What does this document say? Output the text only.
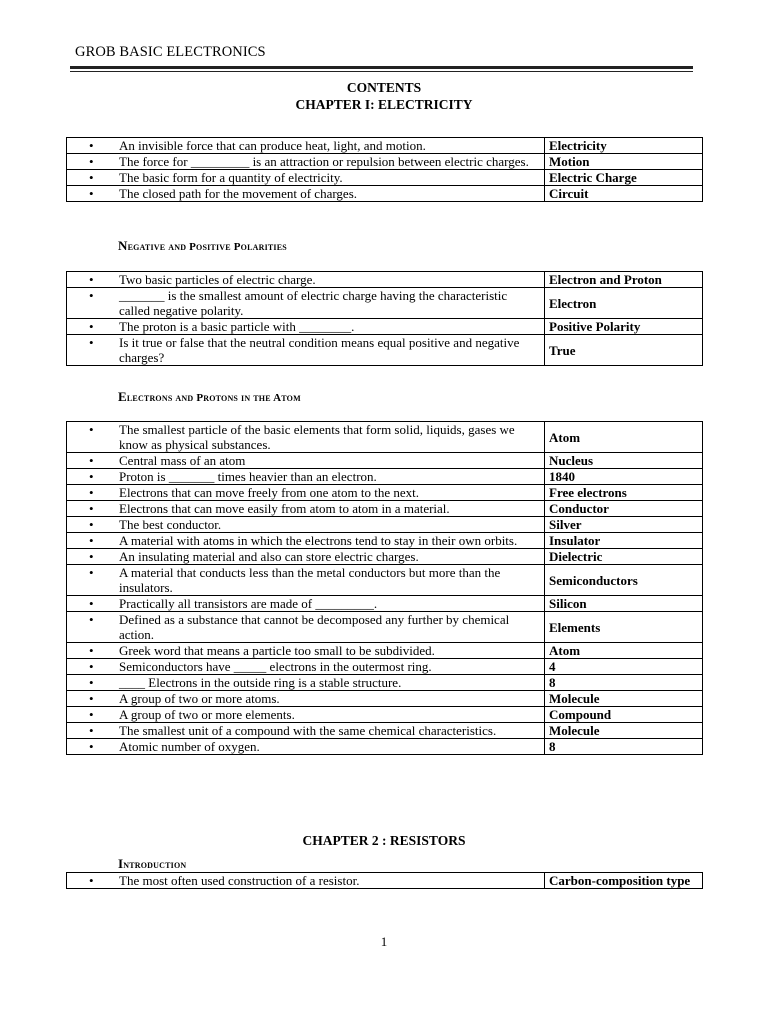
GROB BASIC ELECTRONICS
CONTENTS
CHAPTER I: ELECTRICITY
• An invisible force that can produce heat, light, and motion.	Electricity

• The force for _________ is an attraction or repulsion between electric charges.	Motion

• The basic form for a quantity of electricity.	Electric Charge

• The closed path for the movement of charges.	Circuit
Negative and Positive Polarities
• Two basic particles of electric charge.	Electron and Proton

• _______ is the smallest amount of electric charge having the characteristic called negative polarity.	Electron

• The proton is a basic particle with ________.	Positive Polarity

• Is it true or false that the neutral condition means equal positive and negative charges?	True
Electrons and Protons in the Atom
• The smallest particle of the basic elements that form solid, liquids, gases we know as physical substances.	Atom

• Central mass of an atom	Nucleus

• Proton is _______ times heavier than an electron.	1840

• Electrons that can move freely from one atom to the next.	Free electrons

• Electrons that can move easily from atom to atom in a material.	Conductor

• The best conductor.	Silver

• A material with atoms in which the electrons tend to stay in their own orbits.	Insulator

• An insulating material and also can store electric charges.	Dielectric

• A material that conducts less than the metal conductors but more than the insulators.	Semiconductors

• Practically all transistors are made of _________.	Silicon

• Defined as a substance that cannot be decomposed any further by chemical action.	Elements

• Greek word that means a particle too small to be subdivided.	Atom

• Semiconductors have _____ electrons in the outermost ring.	4

• ____ Electrons in the outside ring is a stable structure.	8

• A group of two or more atoms.	Molecule

• A group of two or more elements.	Compound

• The smallest unit of a compound with the same chemical characteristics.	Molecule

• Atomic number of oxygen.	8
CHAPTER 2 : RESISTORS
Introduction
•	The most often used construction of a resistor.	Carbon-composition type
1
